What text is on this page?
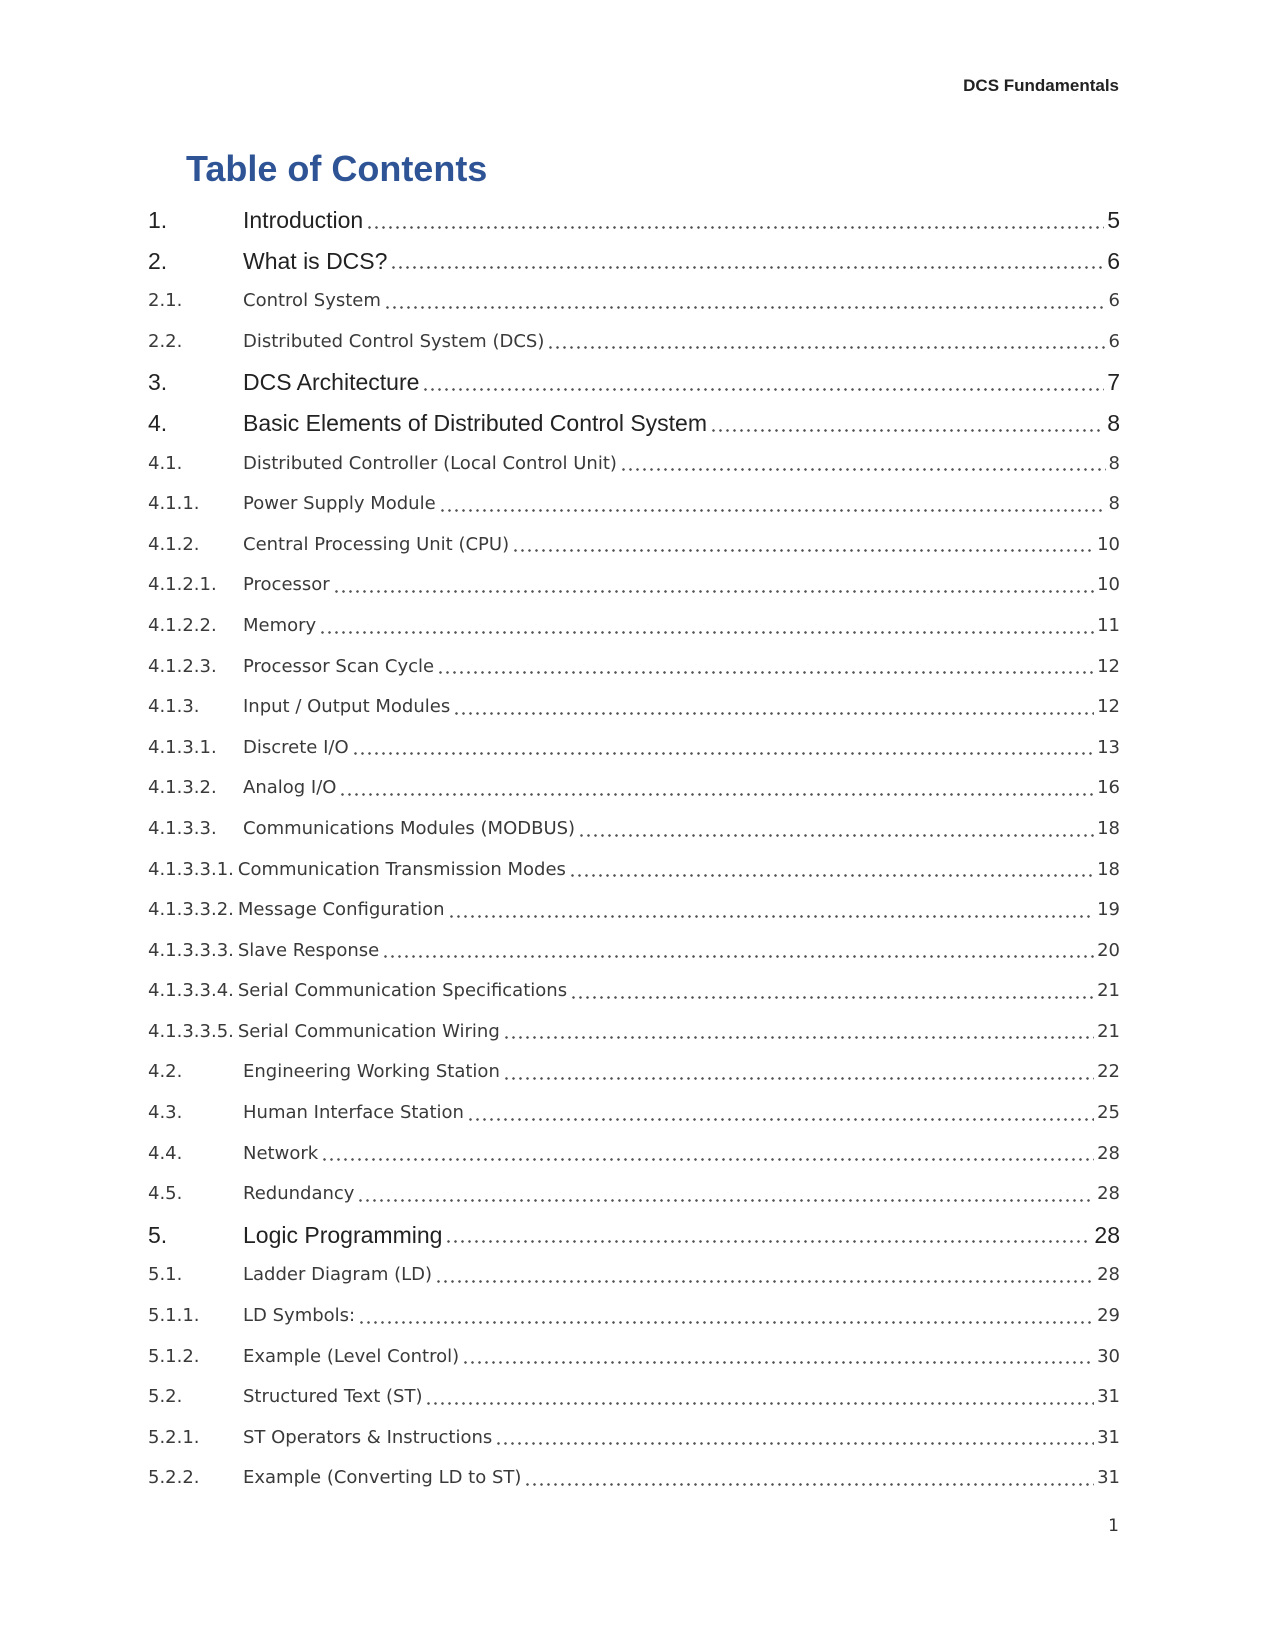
DCS Fundamentals
Table of Contents
1.	Introduction	5
2.	What is DCS?	6
2.1.	Control System	6
2.2.	Distributed Control System (DCS)	6
3.	DCS Architecture	7
4.	Basic Elements of Distributed Control System	8
4.1.	Distributed Controller (Local Control Unit)	8
4.1.1.	Power Supply Module	8
4.1.2.	Central Processing Unit (CPU)	10
4.1.2.1.	Processor	10
4.1.2.2.	Memory	11
4.1.2.3.	Processor Scan Cycle	12
4.1.3.	Input / Output Modules	12
4.1.3.1.	Discrete I/O	13
4.1.3.2.	Analog I/O	16
4.1.3.3.	Communications Modules (MODBUS)	18
4.1.3.3.1. Communication Transmission Modes	18
4.1.3.3.2. Message Configuration	19
4.1.3.3.3. Slave Response	20
4.1.3.3.4. Serial Communication Specifications	21
4.1.3.3.5. Serial Communication Wiring	21
4.2.	Engineering Working Station	22
4.3.	Human Interface Station	25
4.4.	Network	28
4.5.	Redundancy	28
5.	Logic Programming	28
5.1.	Ladder Diagram (LD)	28
5.1.1.	LD Symbols:	29
5.1.2.	Example (Level Control)	30
5.2.	Structured Text (ST)	31
5.2.1.	ST Operators & Instructions	31
5.2.2.	Example (Converting LD to ST)	31
1
